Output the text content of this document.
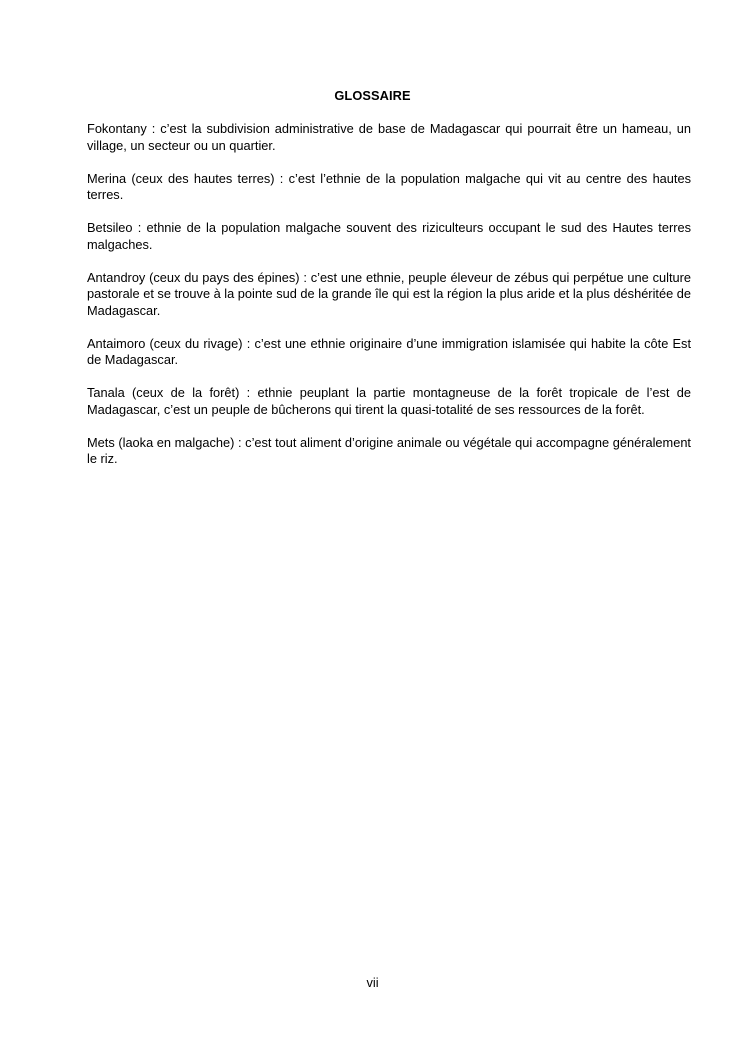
GLOSSAIRE

Fokontany : c’est la subdivision administrative de base de Madagascar qui pourrait être un hameau, un village, un secteur ou un quartier.

Merina (ceux des hautes terres) : c’est l’ethnie de la population malgache qui vit au centre des hautes terres.

Betsileo : ethnie de la population malgache souvent des riziculteurs occupant le sud des Hautes terres malgaches.

Antandroy (ceux du pays des épines) : c’est une ethnie, peuple éleveur de zébus qui perpétue une culture pastorale et se trouve à la pointe sud de la grande île qui est la région la plus aride et la plus déshéritée de Madagascar.

Antaimoro (ceux du rivage) : c’est une ethnie originaire d’une immigration islamisée qui habite la côte Est de Madagascar.

Tanala (ceux de la forêt) : ethnie peuplant la partie montagneuse de la forêt tropicale de l’est de Madagascar, c’est un peuple de bûcherons qui tirent la quasi-totalité de ses ressources de la forêt.

Mets (laoka en malgache) : c’est tout aliment d’origine animale ou végétale qui accompagne généralement le riz.

vii
